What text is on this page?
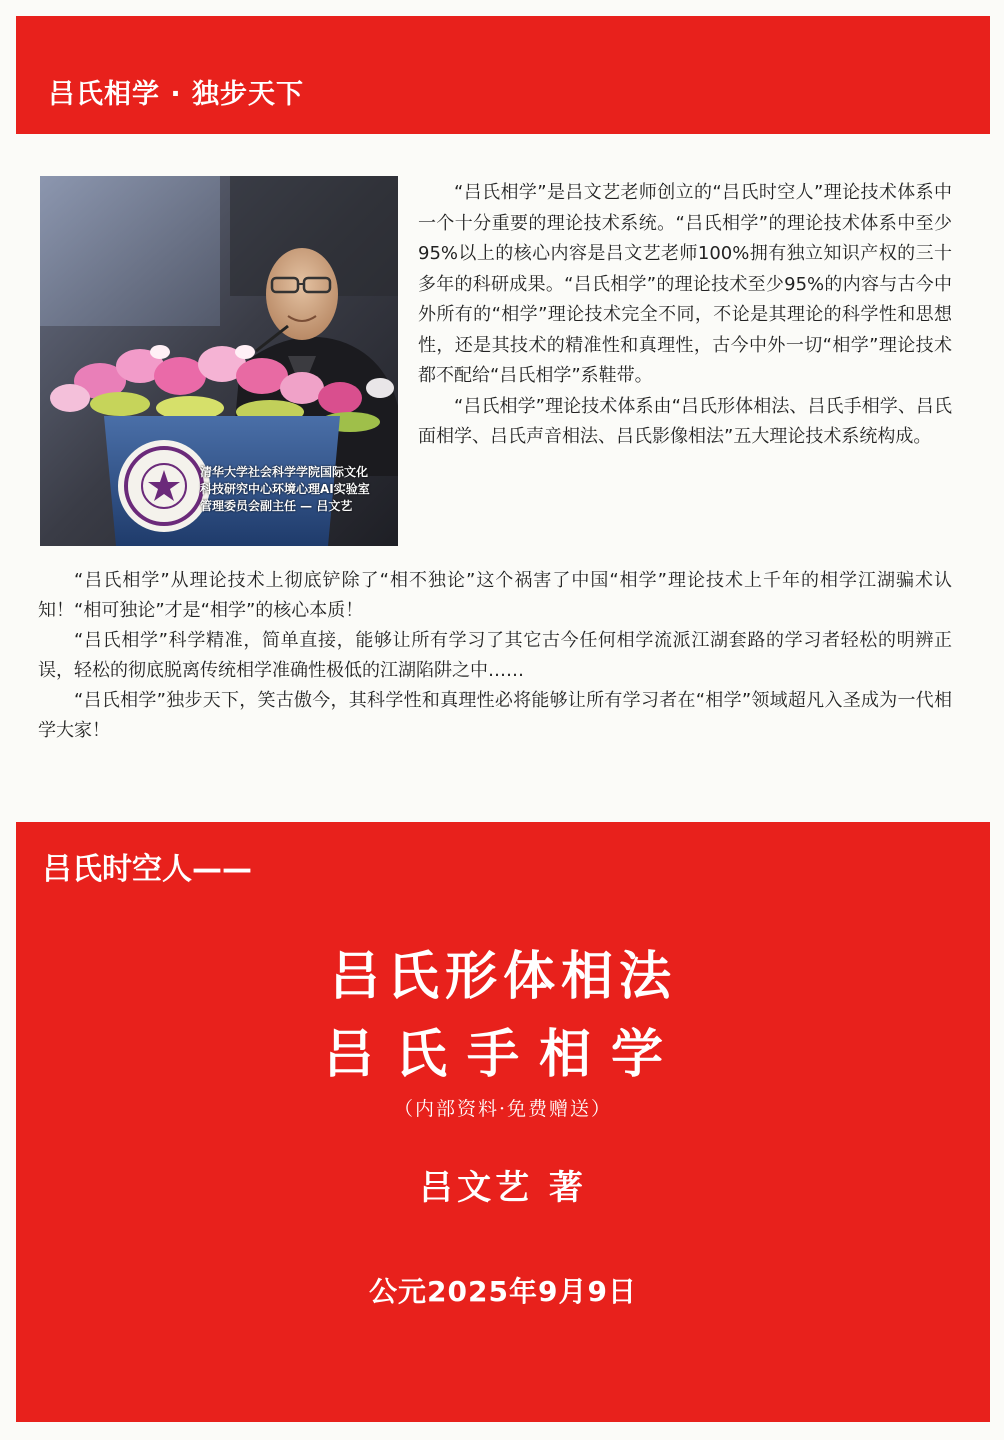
吕氏相学 · 独步天下
清华大学社会科学学院国际文化
科技研究中心环境心理AI实验室
管理委员会副主任 — 吕文艺

“吕氏相学”是吕文艺老师创立的“吕氏时空人”理论技术体系中一个十分重要的理论技术系统。“吕氏相学”的理论技术体系中至少95%以上的核心内容是吕文艺老师100%拥有独立知识产权的三十多年的科研成果。“吕氏相学”的理论技术至少95%的内容与古今中外所有的“相学”理论技术完全不同，不论是其理论的科学性和思想性，还是其技术的精准性和真理性，古今中外一切“相学”理论技术都不配给“吕氏相学”系鞋带。

“吕氏相学”理论技术体系由“吕氏形体相法、吕氏手相学、吕氏面相学、吕氏声音相法、吕氏影像相法”五大理论技术系统构成。

“吕氏相学”从理论技术上彻底铲除了“相不独论”这个祸害了中国“相学”理论技术上千年的相学江湖骗术认知！“相可独论”才是“相学”的核心本质！

“吕氏相学”科学精准，简单直接，能够让所有学习了其它古今任何相学流派江湖套路的学习者轻松的明辨正误，轻松的彻底脱离传统相学准确性极低的江湖陷阱之中……

“吕氏相学”独步天下，笑古傲今，其科学性和真理性必将能够让所有学习者在“相学”领域超凡入圣成为一代相学大家！

吕氏时空人——
吕氏形体相法
吕氏手相学
（内部资料·免费赠送）
吕文艺 著
公元2025年9月9日
